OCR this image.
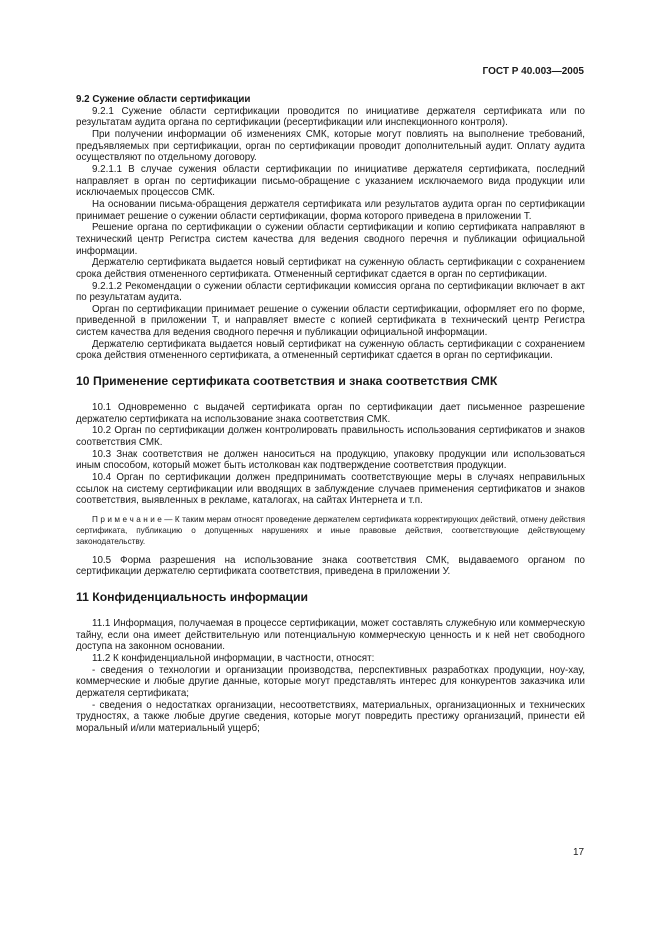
ГОСТ Р 40.003—2005

9.2 Сужение области сертификации

9.2.1 Сужение области сертификации проводится по инициативе держателя сертификата или по результатам аудита органа по сертификации (ресертификации или инспекционного контроля).

При получении информации об изменениях СМК, которые могут повлиять на выполнение требований, предъявляемых при сертификации, орган по сертификации проводит дополнительный аудит. Оплату аудита осуществляют по отдельному договору.

9.2.1.1 В случае сужения области сертификации по инициативе держателя сертификата, последний направляет в орган по сертификации письмо-обращение с указанием исключаемого вида продукции или исключаемых процессов СМК.

На основании письма-обращения держателя сертификата или результатов аудита орган по сертификации принимает решение о сужении области сертификации, форма которого приведена в приложении Т.

Решение органа по сертификации о сужении области сертификации и копию сертификата направляют в технический центр Регистра систем качества для ведения сводного перечня и публикации официальной информации.

Держателю сертификата выдается новый сертификат на суженную область сертификации с сохранением срока действия отмененного сертификата. Отмененный сертификат сдается в орган по сертификации.

9.2.1.2 Рекомендации о сужении области сертификации комиссия органа по сертификации включает в акт по результатам аудита.

Орган по сертификации принимает решение о сужении области сертификации, оформляет его по форме, приведенной в приложении Т, и направляет вместе с копией сертификата в технический центр Регистра систем качества для ведения сводного перечня и публикации официальной информации.

Держателю сертификата выдается новый сертификат на суженную область сертификации с сохранением срока действия отмененного сертификата, а отмененный сертификат сдается в орган по сертификации.

10 Применение сертификата соответствия и знака соответствия СМК

10.1 Одновременно с выдачей сертификата орган по сертификации дает письменное разрешение держателю сертификата на использование знака соответствия СМК.

10.2 Орган по сертификации должен контролировать правильность использования сертификатов и знаков соответствия СМК.

10.3 Знак соответствия не должен наноситься на продукцию, упаковку продукции или использоваться иным способом, который может быть истолкован как подтверждение соответствия продукции.

10.4 Орган по сертификации должен предпринимать соответствующие меры в случаях неправильных ссылок на систему сертификации или вводящих в заблуждение случаев применения сертификатов и знаков соответствия, выявленных в рекламе, каталогах, на сайтах Интернета и т.п.

П р и м е ч а н и е — К таким мерам относят проведение держателем сертификата корректирующих действий, отмену действия сертификата, публикацию о допущенных нарушениях и иные правовые действия, соответствующие действующему законодательству.

10.5 Форма разрешения на использование знака соответствия СМК, выдаваемого органом по сертификации держателю сертификата соответствия, приведена в приложении У.

11 Конфиденциальность информации

11.1 Информация, получаемая в процессе сертификации, может составлять служебную или коммерческую тайну, если она имеет действительную или потенциальную коммерческую ценность и к ней нет свободного доступа на законном основании.

11.2 К конфиденциальной информации, в частности, относят:

- сведения о технологии и организации производства, перспективных разработках продукции, ноу-хау, коммерческие и любые другие данные, которые могут представлять интерес для конкурентов заказчика или держателя сертификата;

- сведения о недостатках организации, несоответствиях, материальных, организационных и технических трудностях, а также любые другие сведения, которые могут повредить престижу организаций, принести ей моральный и/или материальный ущерб;

17
